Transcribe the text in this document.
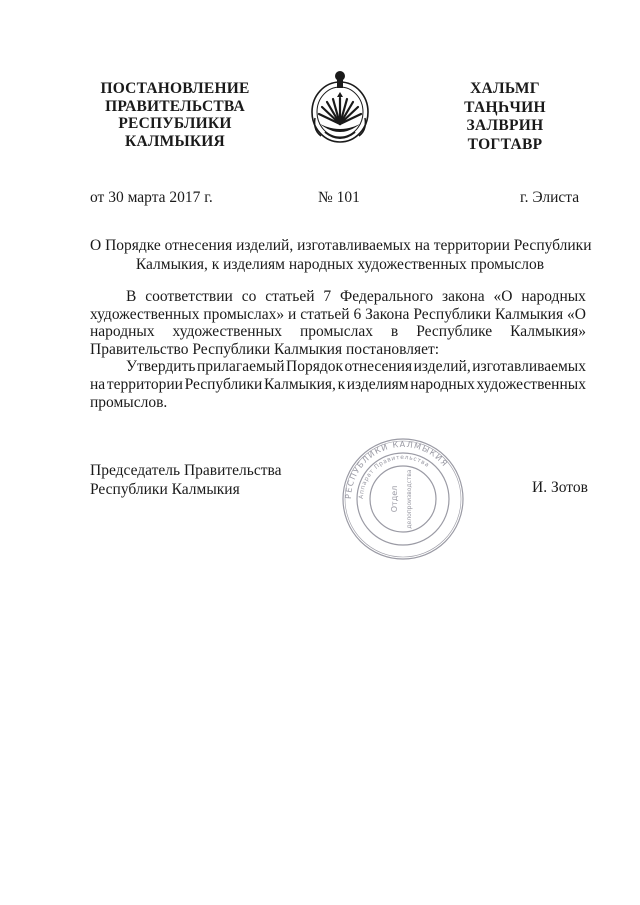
ПОСТАНОВЛЕНИЕ
ПРАВИТЕЛЬСТВА
РЕСПУБЛИКИ
КАЛМЫКИЯ
ХАЛЬМГ
ТАҢҺЧИН
ЗАЛВРИН
ТОГТАВР
от 30 марта 2017 г.	№ 101	г. Элиста
О Порядке отнесения изделий, изготавливаемых на территории Республики
Калмыкия, к изделиям народных художественных промыслов
В соответствии со статьей 7 Федерального закона «О народных
художественных промыслах» и статьей 6 Закона Республики Калмыкия «О
народных художественных промыслах в Республике Калмыкия»
Правительство Республики Калмыкия постановляет:
Утвердить прилагаемый Порядок отнесения изделий, изготавливаемых
на территории Республики Калмыкия, к изделиям народных художественных
промыслов.
Председатель Правительства
Республики Калмыкия	РЕСПУБЛИКИ КАЛМЫКИЯ
Аппарат Правительства
Отдел делопроизводства	И. Зотов
